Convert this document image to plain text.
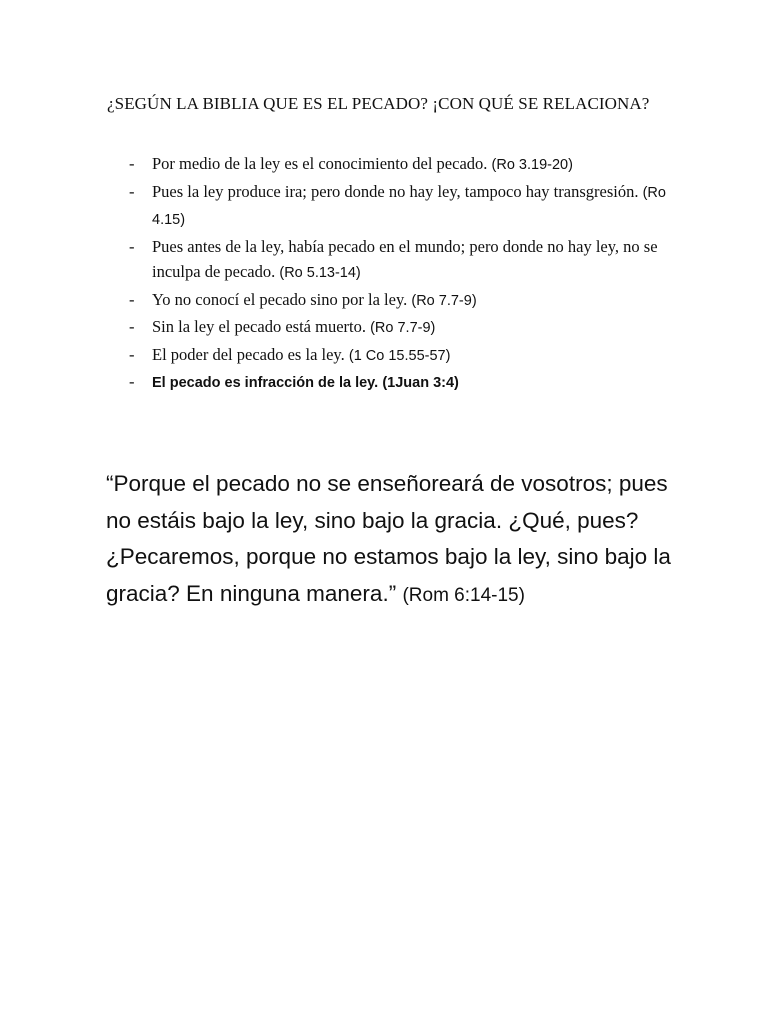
¿SEGÚN LA BIBLIA QUE ES EL PECADO? ¡CON QUÉ SE RELACIONA?
- Por medio de la ley es el conocimiento del pecado. (Ro 3.19-20)
- Pues la ley produce ira; pero donde no hay ley, tampoco hay transgresión. (Ro 4.15)
- Pues antes de la ley, había pecado en el mundo; pero donde no hay ley, no se inculpa de pecado. (Ro 5.13-14)
- Yo no conocí el pecado sino por la ley. (Ro 7.7-9)
- Sin la ley el pecado está muerto. (Ro 7.7-9)
- El poder del pecado es la ley. (1 Co 15.55-57)
- El pecado es infracción de la ley. (1Juan 3:4)

“Porque el pecado no se enseñoreará de vosotros; pues no estáis bajo la ley, sino bajo la gracia. ¿Qué, pues? ¿Pecaremos, porque no estamos bajo la ley, sino bajo la gracia? En ninguna manera.” (Rom 6:14-15)
